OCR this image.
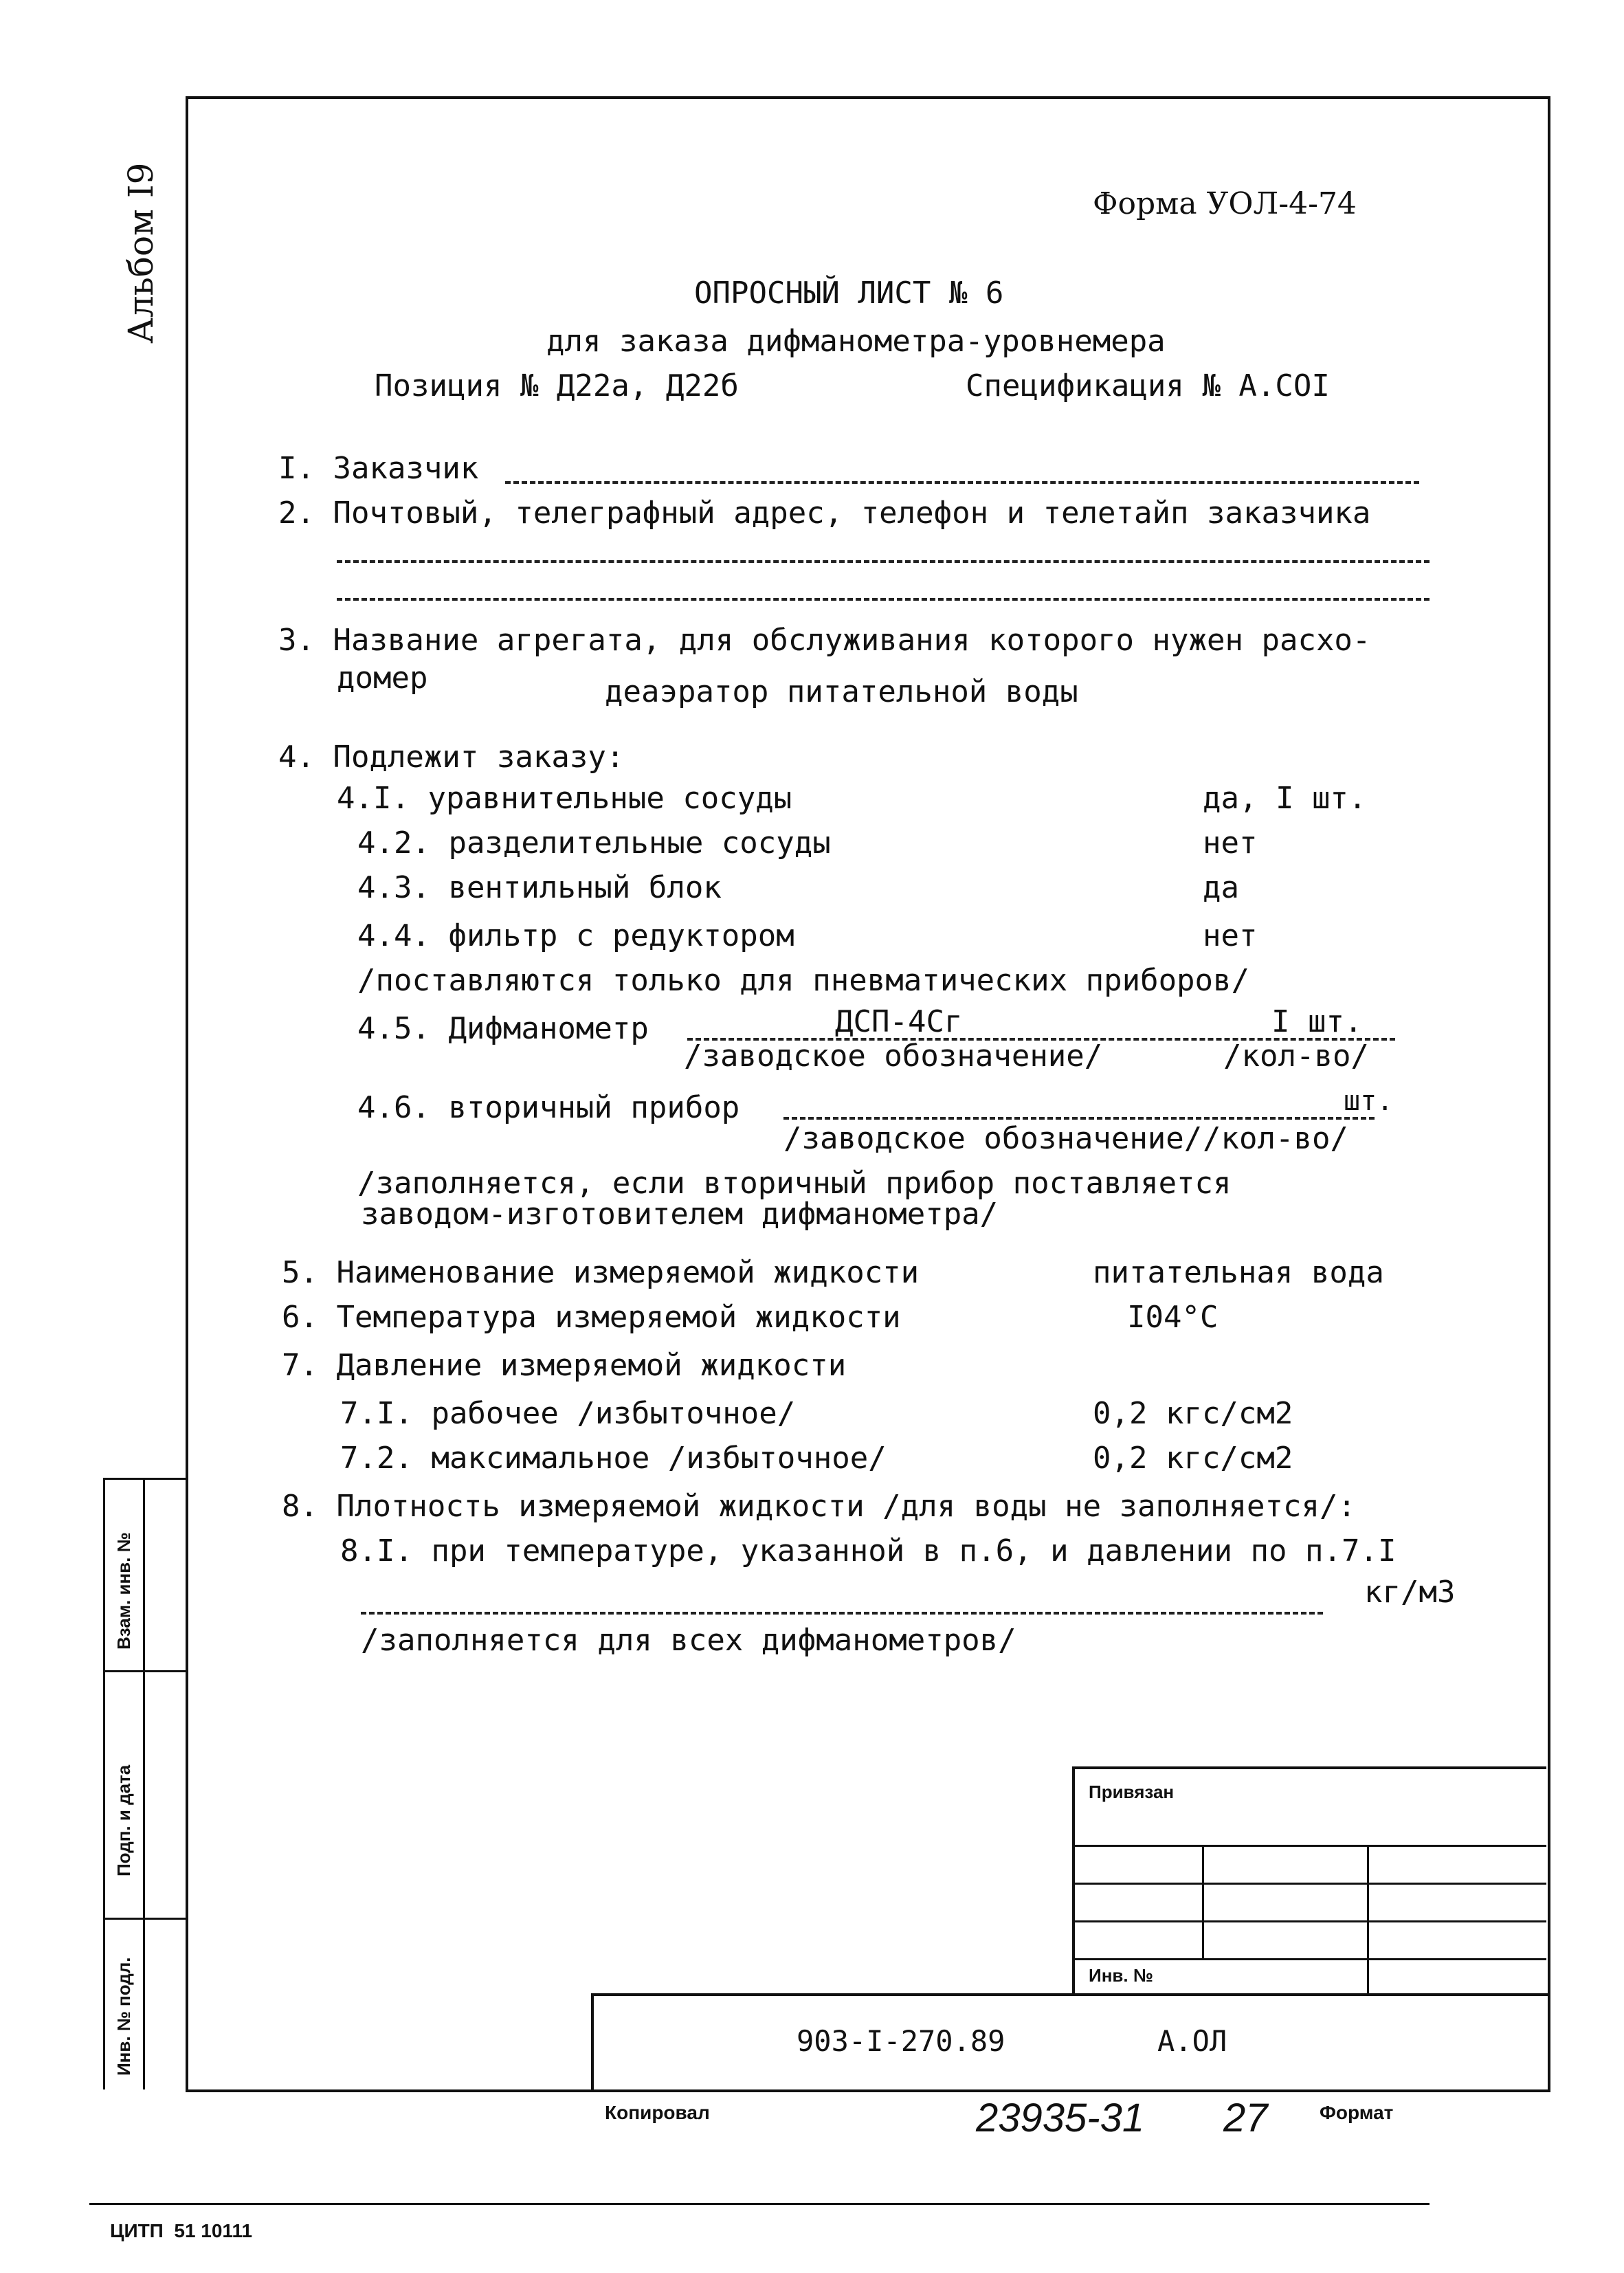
Альбом I9
Взам. инв. №
Подп. и дата
Инв. № подл.
Форма УОЛ-4-74
ОПРОСНЫЙ ЛИСТ № 6
для заказа дифманометра-уровнемера
Позиция № Д22а, Д22б	Спецификация № А.СОI
I. Заказчик
2. Почтовый, телеграфный адрес, телефон и телетайп заказчика
3. Название агрегата, для обслуживания которого нужен расхо-
домер	деаэратор питательной воды
4. Подлежит заказу:
4.I. уравнительные сосуды	да, I шт.
4.2. разделительные сосуды	нет
4.3. вентильный блок	да
4.4. фильтр с редуктором	нет
/поставляются только для пневматических приборов/
4.5. Дифманометр	ДСП-4Сг	I шт.
/заводское обозначение/	/кол-во/
4.6. вторичный прибор	шт.
/заводское обозначение/ /кол-во/
/заполняется, если вторичный прибор поставляется
заводом-изготовителем дифманометра/
5. Наименование измеряемой жидкости	питательная вода
6. Температура измеряемой жидкости	I04°C
7. Давление измеряемой жидкости
7.I. рабочее /избыточное/	0,2 кгс/см2
7.2. максимальное /избыточное/	0,2 кгс/см2
8. Плотность измеряемой жидкости /для воды не заполняется/:
8.I. при температуре, указанной в п.6, и давлении по п.7.I
кг/м3
/заполняется для всех дифманометров/
Привязан
Инв. №
903-I-270.89	А.ОЛ
Копировал	23935-31 27	Формат
ЦИТП  51 10111
